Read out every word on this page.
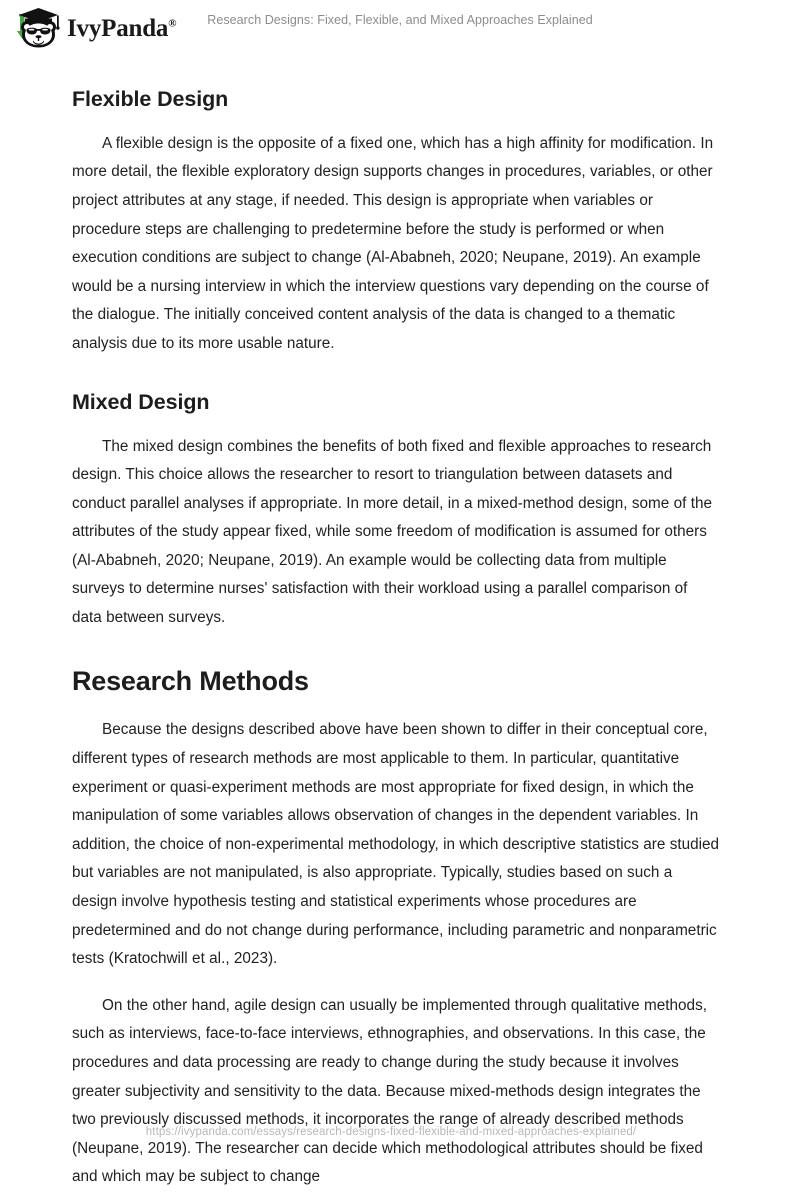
IvyPanda®	Research Designs: Fixed, Flexible, and Mixed Approaches Explained
Flexible Design

A flexible design is the opposite of a fixed one, which has a high affinity for modification. In more detail, the flexible exploratory design supports changes in procedures, variables, or other project attributes at any stage, if needed. This design is appropriate when variables or procedure steps are challenging to predetermine before the study is performed or when execution conditions are subject to change (Al-Ababneh, 2020; Neupane, 2019). An example would be a nursing interview in which the interview questions vary depending on the course of the dialogue. The initially conceived content analysis of the data is changed to a thematic analysis due to its more usable nature.

Mixed Design

The mixed design combines the benefits of both fixed and flexible approaches to research design. This choice allows the researcher to resort to triangulation between datasets and conduct parallel analyses if appropriate. In more detail, in a mixed-method design, some of the attributes of the study appear fixed, while some freedom of modification is assumed for others (Al-Ababneh, 2020; Neupane, 2019). An example would be collecting data from multiple surveys to determine nurses' satisfaction with their workload using a parallel comparison of data between surveys.

Research Methods

Because the designs described above have been shown to differ in their conceptual core, different types of research methods are most applicable to them. In particular, quantitative experiment or quasi-experiment methods are most appropriate for fixed design, in which the manipulation of some variables allows observation of changes in the dependent variables. In addition, the choice of non-experimental methodology, in which descriptive statistics are studied but variables are not manipulated, is also appropriate. Typically, studies based on such a design involve hypothesis testing and statistical experiments whose procedures are predetermined and do not change during performance, including parametric and nonparametric tests (Kratochwill et al., 2023).

On the other hand, agile design can usually be implemented through qualitative methods, such as interviews, face-to-face interviews, ethnographies, and observations. In this case, the procedures and data processing are ready to change during the study because it involves greater subjectivity and sensitivity to the data. Because mixed-methods design integrates the two previously discussed methods, it incorporates the range of already described methods (Neupane, 2019). The researcher can decide which methodological attributes should be fixed and which may be subject to change

https://ivypanda.com/essays/research-designs-fixed-flexible-and-mixed-approaches-explained/
